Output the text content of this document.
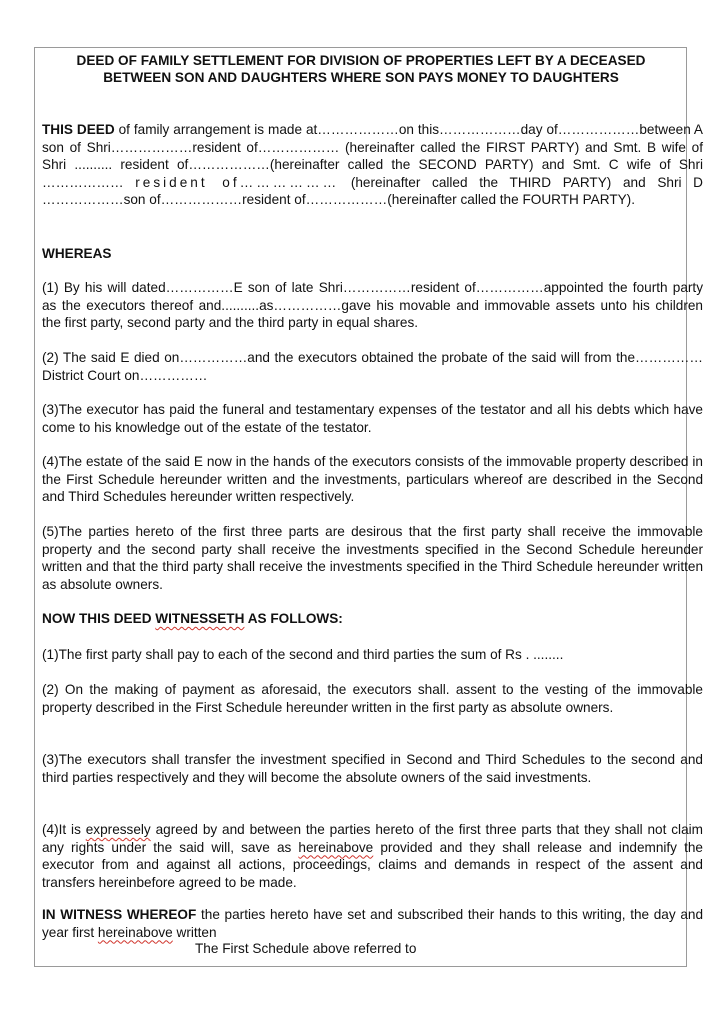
DEED OF FAMILY SETTLEMENT FOR DIVISION OF PROPERTIES LEFT BY A DECEASED
BETWEEN SON AND DAUGHTERS WHERE SON PAYS MONEY TO DAUGHTERS

THIS DEED of family arrangement is made at………………on this………………day of………………between A son of Shri………………resident of……………… (hereinafter called the FIRST PARTY) and Smt. B wife of Shri .......... resident of………………(hereinafter called the SECOND PARTY) and Smt. C wife of Shri ……………… resident of……………… (hereinafter called the THIRD PARTY) and Shri D ………………son of………………resident of………………(hereinafter called the FOURTH PARTY).

WHEREAS

(1) By his will dated……………E son of late Shri……………resident of……………appointed the fourth party as the executors thereof and..........as……………gave his movable and immovable assets unto his children the first party, second party and the third party in equal shares.

(2) The said E died on……………and the executors obtained the probate of the said will from the……………District Court on……………

(3)The executor has paid the funeral and testamentary expenses of the testator and all his debts which have come to his knowledge out of the estate of the testator.

(4)The estate of the said E now in the hands of the executors consists of the immovable property described in the First Schedule hereunder written and the investments, particulars whereof are described in the Second and Third Schedules hereunder written respectively.

(5)The parties hereto of the first three parts are desirous that the first party shall receive the immovable property and the second party shall receive the investments specified in the Second Schedule hereunder written and that the third party shall receive the investments specified in the Third Schedule hereunder written as absolute owners.

NOW THIS DEED WITNESSETH AS FOLLOWS:

(1)The first party shall pay to each of the second and third parties the sum of Rs . ........

(2) On the making of payment as aforesaid, the executors shall. assent to the vesting of the immovable property described in the First Schedule hereunder written in the first party as absolute owners.

(3)The executors shall transfer the investment specified in Second and Third Schedules to the second and third parties respectively and they will become the absolute owners of the said investments.

(4)It is expressely agreed by and between the parties hereto of the first three parts that they shall not claim any rights under the said will, save as hereinabove provided and they shall release and indemnify the executor from and against all actions, proceedings, claims and demands in respect of the assent and transfers hereinbefore agreed to be made.

IN WITNESS WHEREOF the parties hereto have set and subscribed their hands to this writing, the day and year first hereinabove written

The First Schedule above referred to
